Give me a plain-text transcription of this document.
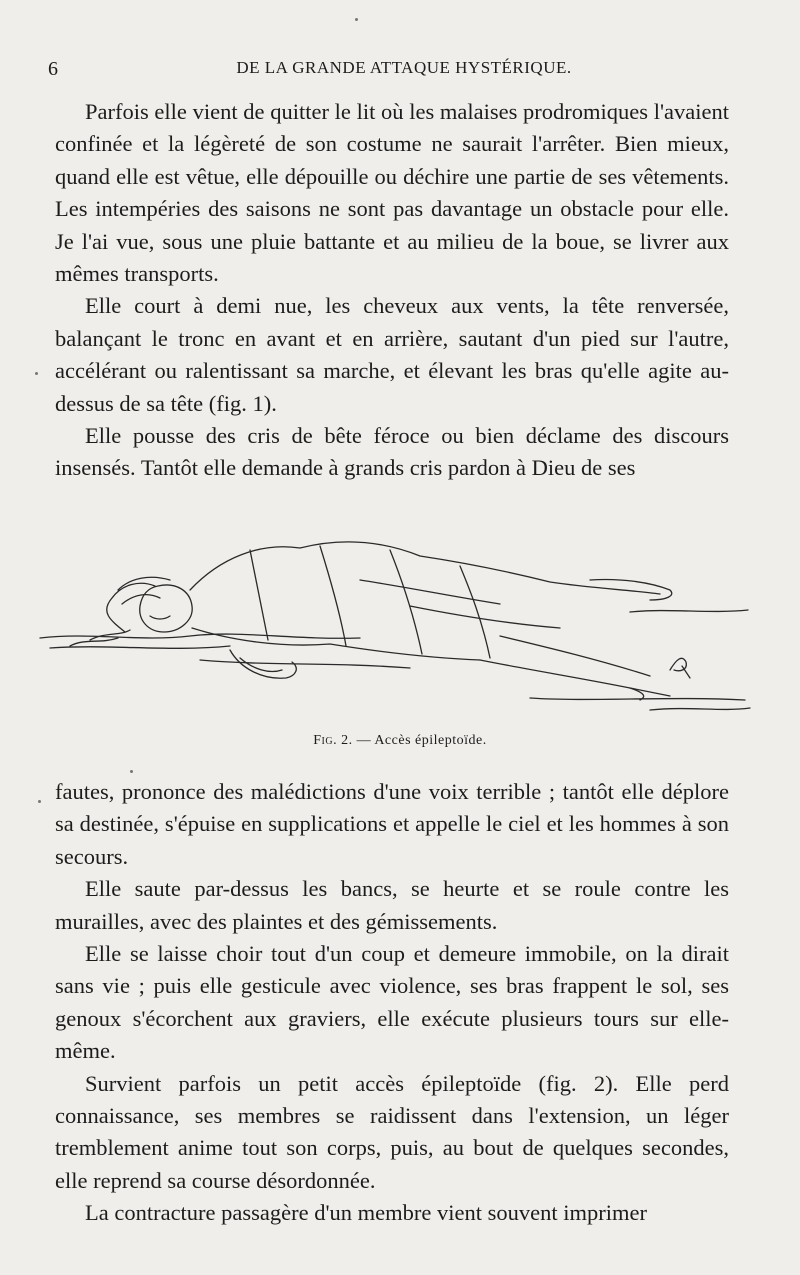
6	DE LA GRANDE ATTAQUE HYSTÉRIQUE.

Parfois elle vient de quitter le lit où les malaises prodromiques l'avaient confinée et la légèreté de son costume ne saurait l'arrêter. Bien mieux, quand elle est vêtue, elle dépouille ou déchire une partie de ses vêtements. Les intempéries des saisons ne sont pas davantage un obstacle pour elle. Je l'ai vue, sous une pluie battante et au milieu de la boue, se livrer aux mêmes transports.

Elle court à demi nue, les cheveux aux vents, la tête renversée, balançant le tronc en avant et en arrière, sautant d'un pied sur l'autre, accélérant ou ralentissant sa marche, et élevant les bras qu'elle agite au-dessus de sa tête (fig. 1).

Elle pousse des cris de bête féroce ou bien déclame des discours insensés. Tantôt elle demande à grands cris pardon à Dieu de ses

Fig. 2. — Accès épileptoïde.

fautes, prononce des malédictions d'une voix terrible ; tantôt elle déplore sa destinée, s'épuise en supplications et appelle le ciel et les hommes à son secours.

Elle saute par-dessus les bancs, se heurte et se roule contre les murailles, avec des plaintes et des gémissements.

Elle se laisse choir tout d'un coup et demeure immobile, on la dirait sans vie ; puis elle gesticule avec violence, ses bras frappent le sol, ses genoux s'écorchent aux graviers, elle exécute plusieurs tours sur elle-même.

Survient parfois un petit accès épileptoïde (fig. 2). Elle perd connaissance, ses membres se raidissent dans l'extension, un léger tremblement anime tout son corps, puis, au bout de quelques secondes, elle reprend sa course désordonnée.

La contracture passagère d'un membre vient souvent imprimer
